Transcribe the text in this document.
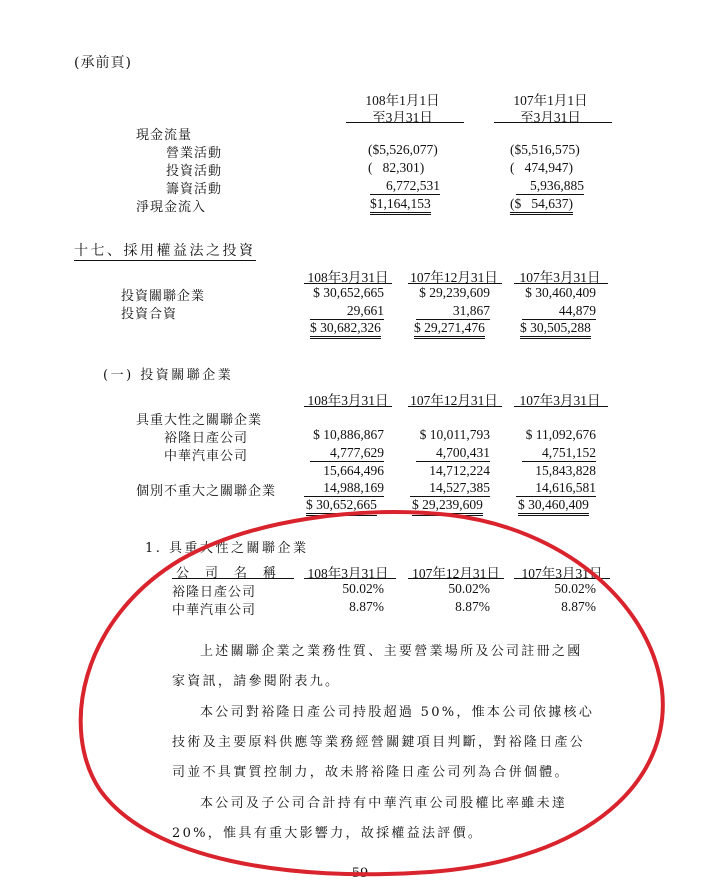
(承前頁)
108年1月1日
至3月31日
107年1月1日
至3月31日
現金流量
營業活動	($5,526,077)	($5,516,575)
投資活動	(   82,301)	(   474,947)
籌資活動	6,772,531	5,936,885
淨現金流入	$1,164,153	($   54,637)
十七、採用權益法之投資
108年3月31日	107年12月31日	107年3月31日
投資關聯企業	$ 30,652,665	$ 29,239,609	$ 30,460,409
投資合資	29,661	31,867	44,879
$ 30,682,326 $ 29,271,476	$ 30,505,288
(一) 投資關聯企業
108年3月31日	107年12月31日	107年3月31日
具重大性之關聯企業
裕隆日產公司	$ 10,886,867	$ 10,011,793	$ 11,092,676
中華汽車公司	4,777,629	4,700,431	4,751,152
15,664,496	14,712,224	15,843,828
個別不重大之關聯企業	14,988,169	14,527,385	14,616,581
$ 30,652,665	$ 29,239,609	$ 30,460,409
1. 具重大性之關聯企業
公司名稱	108年3月31日	107年12月31日	107年3月31日
裕隆日產公司	50.02%	50.02%	50.02%
中華汽車公司	8.87%	8.87%	8.87%
上述關聯企業之業務性質、主要營業場所及公司註冊之國
家資訊，請參閱附表九。
本公司對裕隆日產公司持股超過 50%，惟本公司依據核心
技術及主要原料供應等業務經營關鍵項目判斷，對裕隆日產公
司並不具實質控制力，故未將裕隆日產公司列為合併個體。
本公司及子公司合計持有中華汽車公司股權比率雖未達
20%，惟具有重大影響力，故採權益法評價。
- 59 -
